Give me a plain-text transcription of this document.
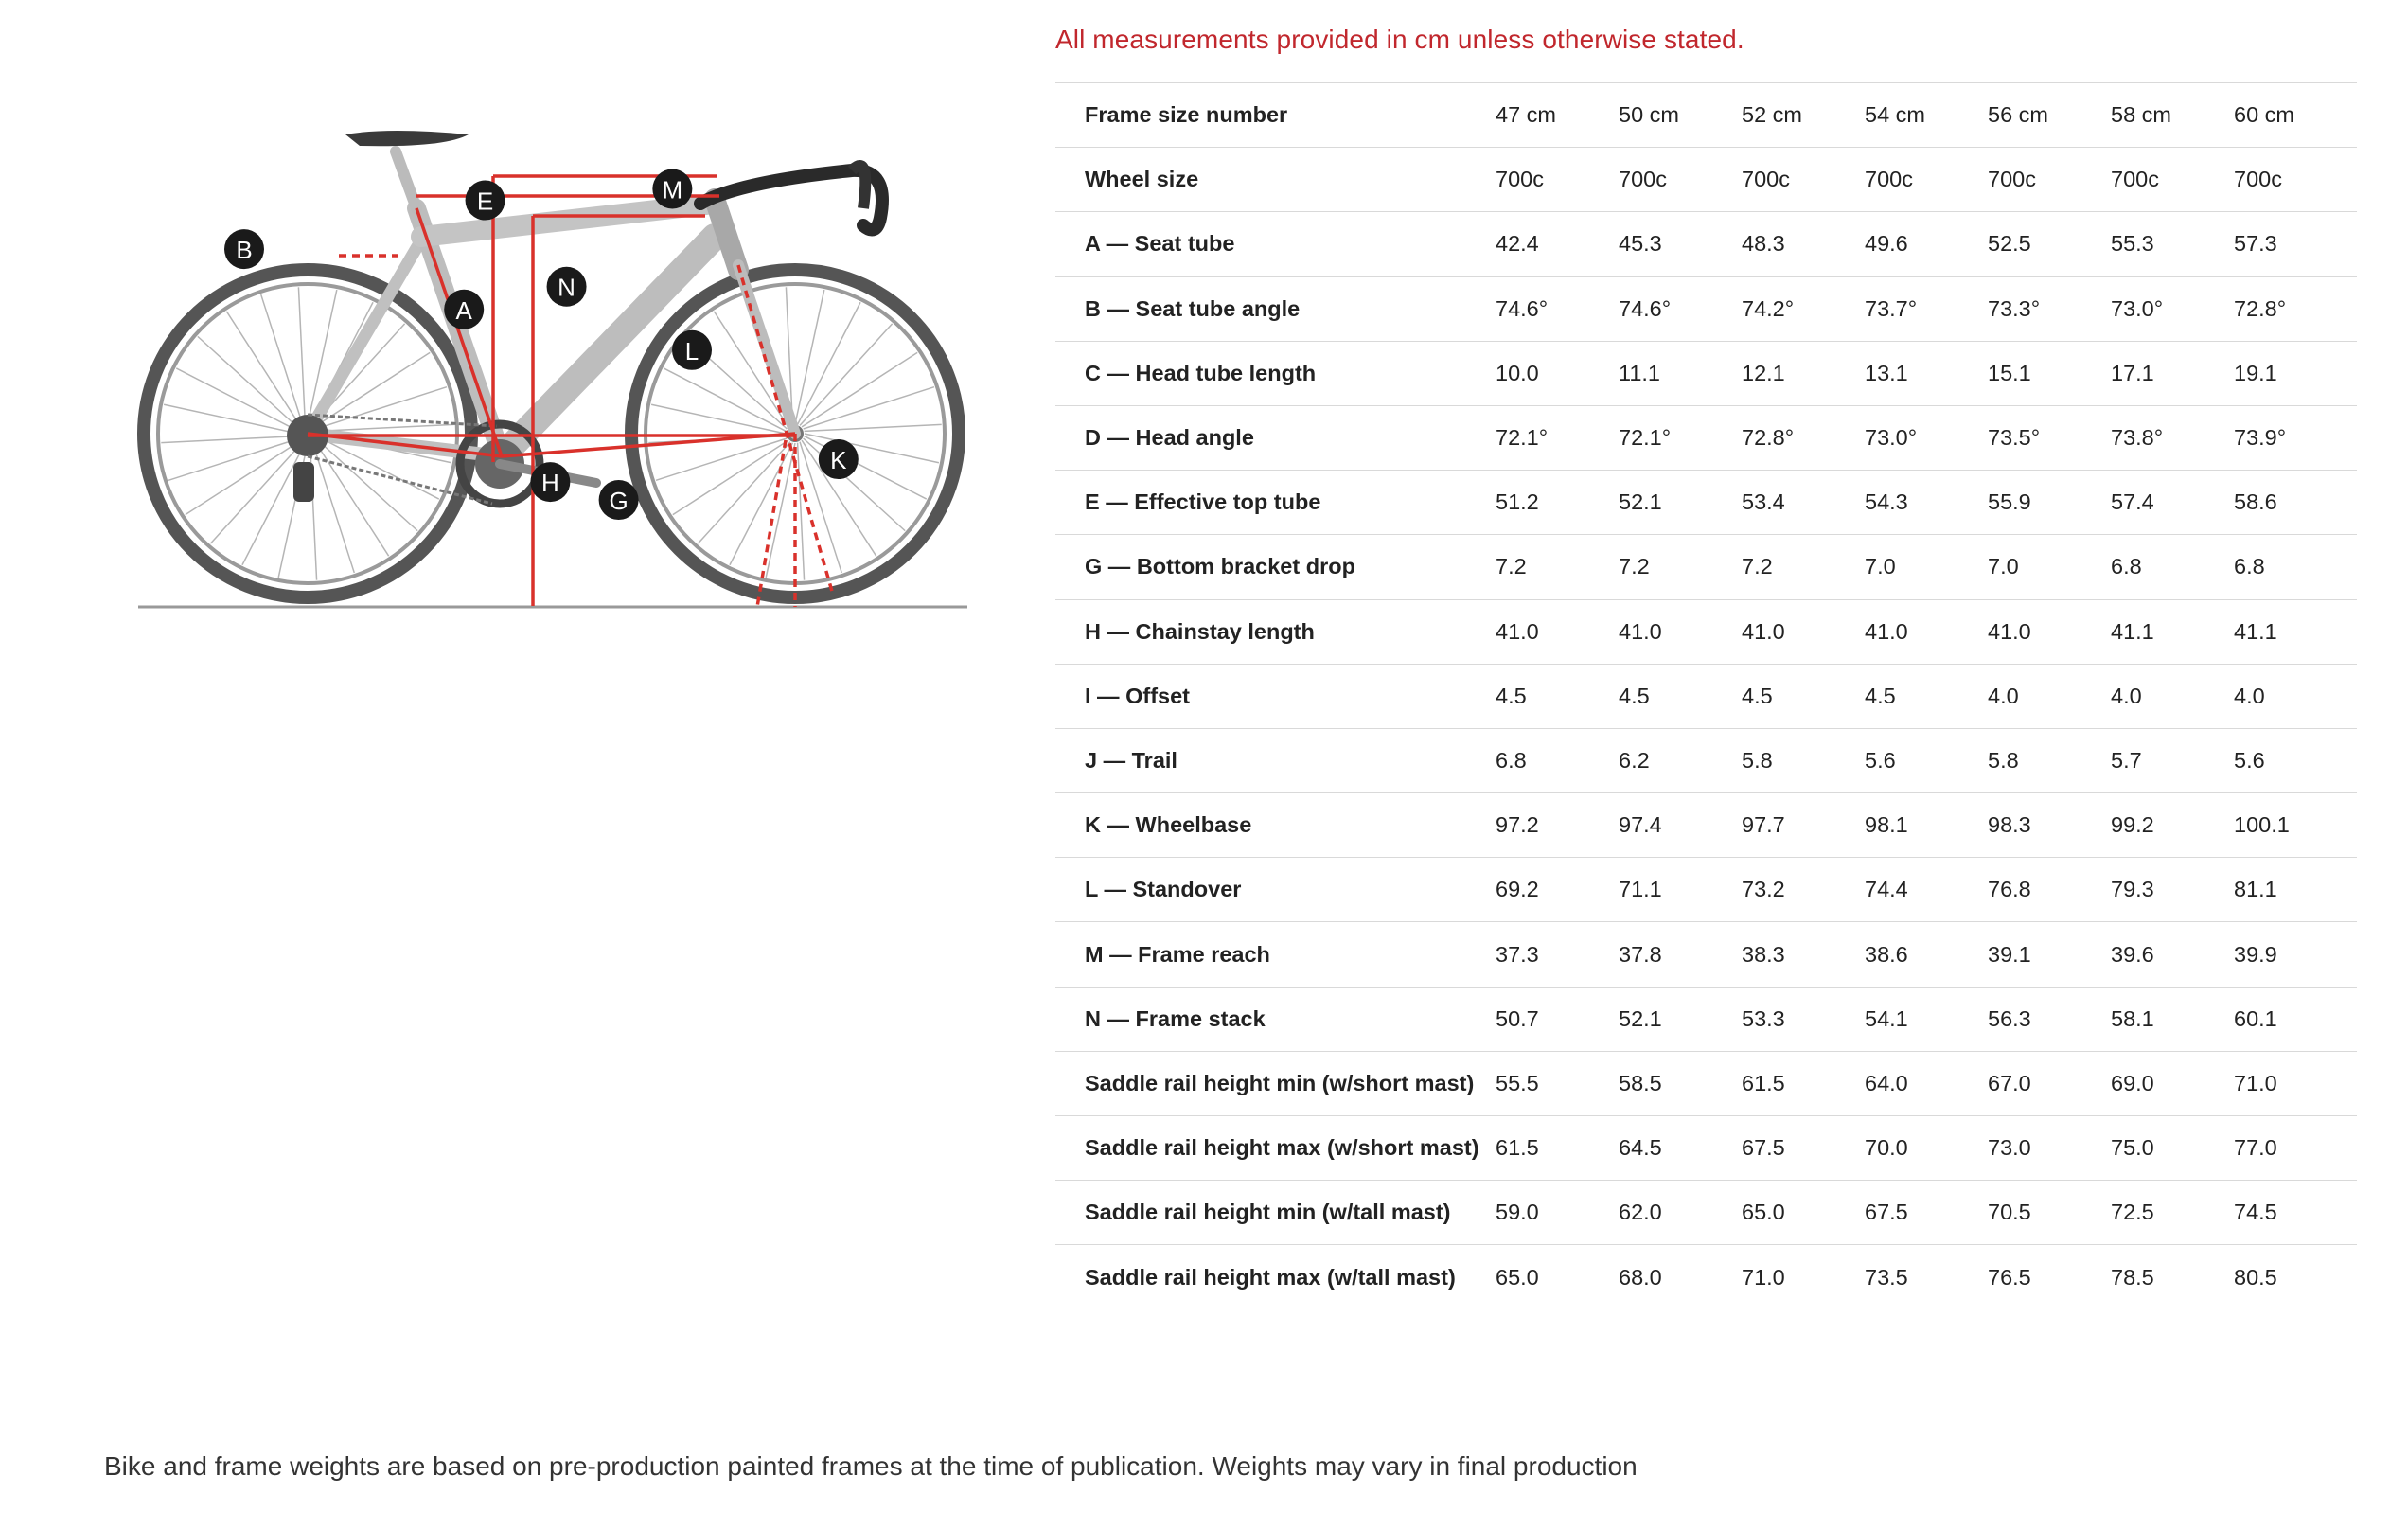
A
B
E
G
H
K
L
M
N
All measurements provided in cm unless otherwise stated.
Frame size number	47 cm	50 cm	52 cm	54 cm	56 cm	58 cm	60 cm
Wheel size	700c	700c	700c	700c	700c	700c	700c
A — Seat tube	42.4	45.3	48.3	49.6	52.5	55.3	57.3
B — Seat tube angle	74.6°	74.6°	74.2°	73.7°	73.3°	73.0°	72.8°
C — Head tube length	10.0	11.1	12.1	13.1	15.1	17.1	19.1
D — Head angle	72.1°	72.1°	72.8°	73.0°	73.5°	73.8°	73.9°
E — Effective top tube	51.2	52.1	53.4	54.3	55.9	57.4	58.6
G — Bottom bracket drop	7.2	7.2	7.2	7.0	7.0	6.8	6.8
H — Chainstay length	41.0	41.0	41.0	41.0	41.0	41.1	41.1
I — Offset	4.5	4.5	4.5	4.5	4.0	4.0	4.0
J — Trail	6.8	6.2	5.8	5.6	5.8	5.7	5.6
K — Wheelbase	97.2	97.4	97.7	98.1	98.3	99.2	100.1
L — Standover	69.2	71.1	73.2	74.4	76.8	79.3	81.1
M — Frame reach	37.3	37.8	38.3	38.6	39.1	39.6	39.9
N — Frame stack	50.7	52.1	53.3	54.1	56.3	58.1	60.1
Saddle rail height min (w/short mast)	55.5	58.5	61.5	64.0	67.0	69.0	71.0
Saddle rail height max (w/short mast)	61.5	64.5	67.5	70.0	73.0	75.0	77.0
Saddle rail height min (w/tall mast)	59.0	62.0	65.0	67.5	70.5	72.5	74.5
Saddle rail height max (w/tall mast)	65.0	68.0	71.0	73.5	76.5	78.5	80.5
Bike and frame weights are based on pre-production painted frames at the time of publication. Weights may vary in final production
